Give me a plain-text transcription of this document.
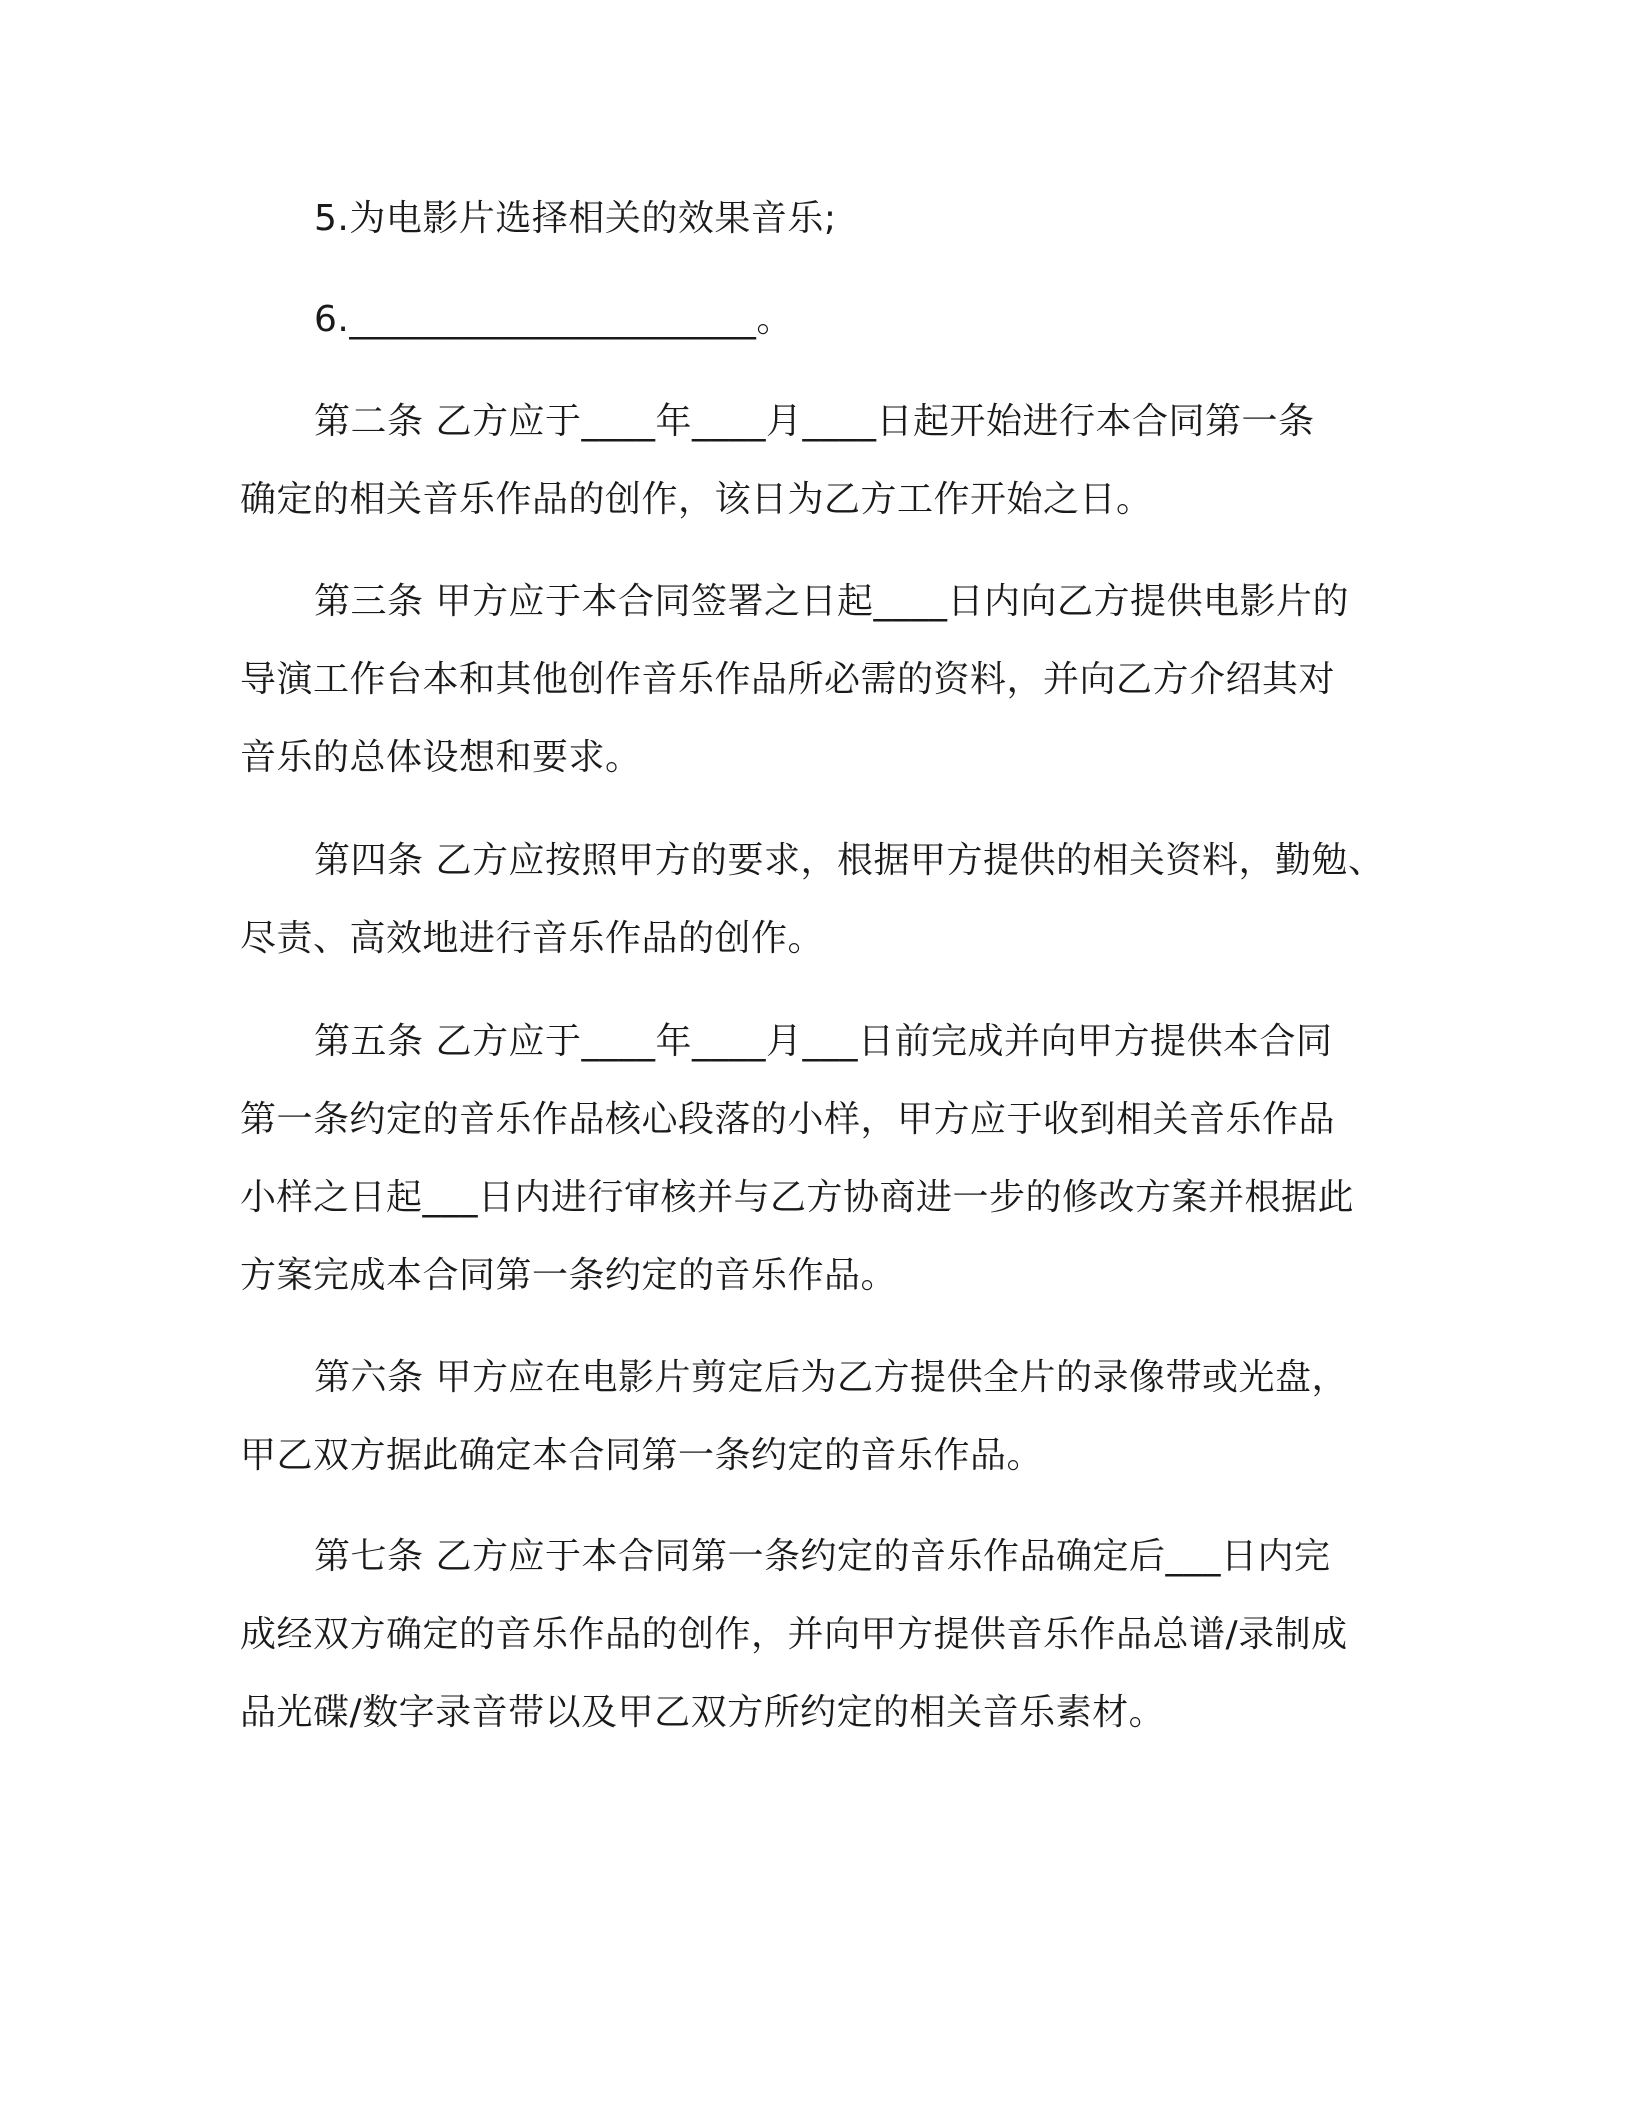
5.为电影片选择相关的效果音乐;

6.______________________。

第二条 乙方应于____年____月____日起开始进行本合同第一条
确定的相关音乐作品的创作，该日为乙方工作开始之日。

第三条 甲方应于本合同签署之日起____日内向乙方提供电影片的
导演工作台本和其他创作音乐作品所必需的资料，并向乙方介绍其对
音乐的总体设想和要求。

第四条 乙方应按照甲方的要求，根据甲方提供的相关资料，勤勉、
尽责、高效地进行音乐作品的创作。

第五条 乙方应于____年____月___日前完成并向甲方提供本合同
第一条约定的音乐作品核心段落的小样，甲方应于收到相关音乐作品
小样之日起___日内进行审核并与乙方协商进一步的修改方案并根据此
方案完成本合同第一条约定的音乐作品。

第六条 甲方应在电影片剪定后为乙方提供全片的录像带或光盘，
甲乙双方据此确定本合同第一条约定的音乐作品。

第七条 乙方应于本合同第一条约定的音乐作品确定后___日内完
成经双方确定的音乐作品的创作，并向甲方提供音乐作品总谱/录制成
品光碟/数字录音带以及甲乙双方所约定的相关音乐素材。
